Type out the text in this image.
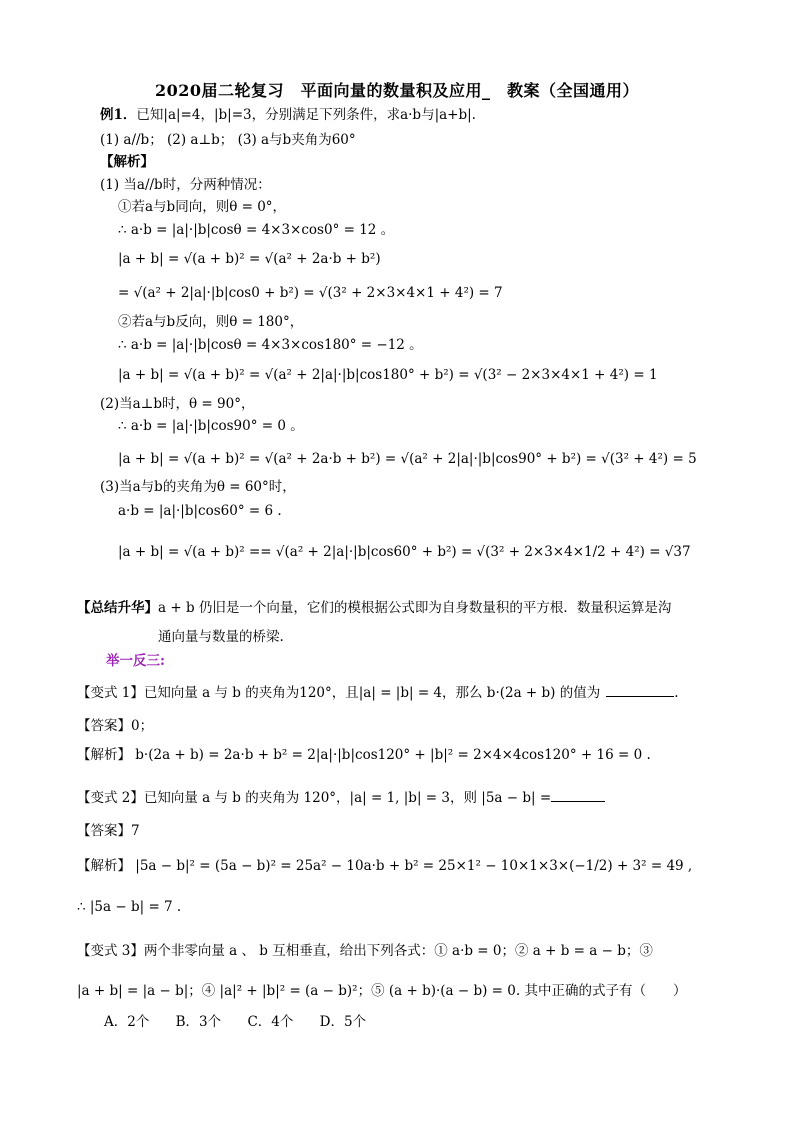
2020届二轮复习　平面向量的数量积及应用_　教案（全国通用）
例1．已知|a|=4，|b|=3，分别满足下列条件，求a·b与|a+b|.
(1) a//b； (2) a⊥b； (3) a与b夹角为60°
【解析】
(1) 当a//b时，分两种情况：
①若a与b同向，则θ = 0°，
∴ a·b = |a|·|b|cosθ = 4×3×cos0° = 12 。
|a + b| = √(a + b)² = √(a² + 2a·b + b²)
= √(a² + 2|a|·|b|cos0 + b²) = √(3² + 2×3×4×1 + 4²) = 7
②若a与b反向，则θ = 180°，
∴ a·b = |a|·|b|cosθ = 4×3×cos180° = −12 。
|a + b| = √(a + b)² = √(a² + 2|a|·|b|cos180° + b²) = √(3² − 2×3×4×1 + 4²) = 1
(2)当a⊥b时，θ = 90°，
∴ a·b = |a|·|b|cos90° = 0 。
|a + b| = √(a + b)² = √(a² + 2a·b + b²) = √(a² + 2|a|·|b|cos90° + b²) = √(3² + 4²) = 5
(3)当a与b的夹角为θ = 60°时，
a·b = |a|·|b|cos60° = 6 .
|a + b| = √(a + b)² == √(a² + 2|a|·|b|cos60° + b²) = √(3² + 2×3×4×1/2 + 4²) = √37
【总结升华】a + b 仍旧是一个向量，它们的模根据公式即为自身数量积的平方根．数量积运算是沟
通向量与数量的桥梁.
举一反三:
【变式 1】已知向量 a 与 b 的夹角为120°，且|a| = |b| = 4，那么 b·(2a + b) 的值为	.
【答案】0；
【解析】 b·(2a + b) = 2a·b + b² = 2|a|·|b|cos120° + |b|² = 2×4×4cos120° + 16 = 0 .
【变式 2】已知向量 a 与 b 的夹角为 120°，|a| = 1, |b| = 3，则 |5a − b| =
【答案】7
【解析】 |5a − b|² = (5a − b)² = 25a² − 10a·b + b² = 25×1² − 10×1×3×(−1/2) + 3² = 49 ,
∴ |5a − b| = 7 .
【变式 3】两个非零向量 a 、 b 互相垂直，给出下列各式：① a·b = 0；② a + b = a − b；③
|a + b| = |a − b|；④ |a|² + |b|² = (a − b)²；⑤ (a + b)·(a − b) = 0. 其中正确的式子有（　　）
A．2个 B．3个 C．4个 D．5个
